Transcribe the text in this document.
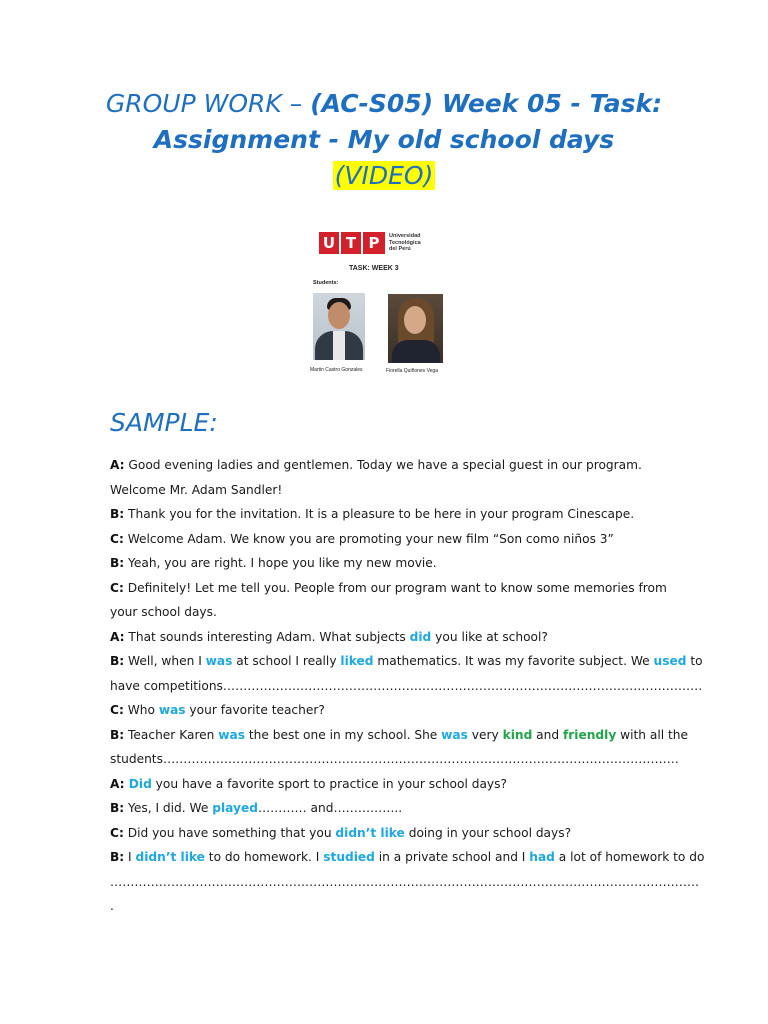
GROUP WORK – (AC-S05) Week 05 - Task:
Assignment - My old school days
(VIDEO)
U T P	Universidad
Tecnológica
del Perú
TASK: WEEK 3
Students:
Martin Castro Gonzales	Fiorella Quiñones Vega
SAMPLE:
A: Good evening ladies and gentlemen. Today we have a special guest in our program.
Welcome Mr. Adam Sandler!
B: Thank you for the invitation. It is a pleasure to be here in your program Cinescape.
C: Welcome Adam. We know you are promoting your new film “Son como niños 3”
B: Yeah, you are right. I hope you like my new movie.
C: Definitely! Let me tell you. People from our program want to know some memories from
your school days.
A: That sounds interesting Adam. What subjects did you like at school?
B: Well, when I was at school I really liked mathematics. It was my favorite subject. We used to
have competitions……………………………………………………………………………………………………….
C: Who was your favorite teacher?
B: Teacher Karen was the best one in my school. She was very kind and friendly with all the
students……………………………………………………………………………………………………………….
A: Did you have a favorite sport to practice in your school days?
B: Yes, I did. We played………… and……………..
C: Did you have something that you didn’t like doing in your school days?
B: I didn’t like to do homework. I studied in a private school and I had a lot of homework to do
……………………………………………………………………………………………………………………………….
.
